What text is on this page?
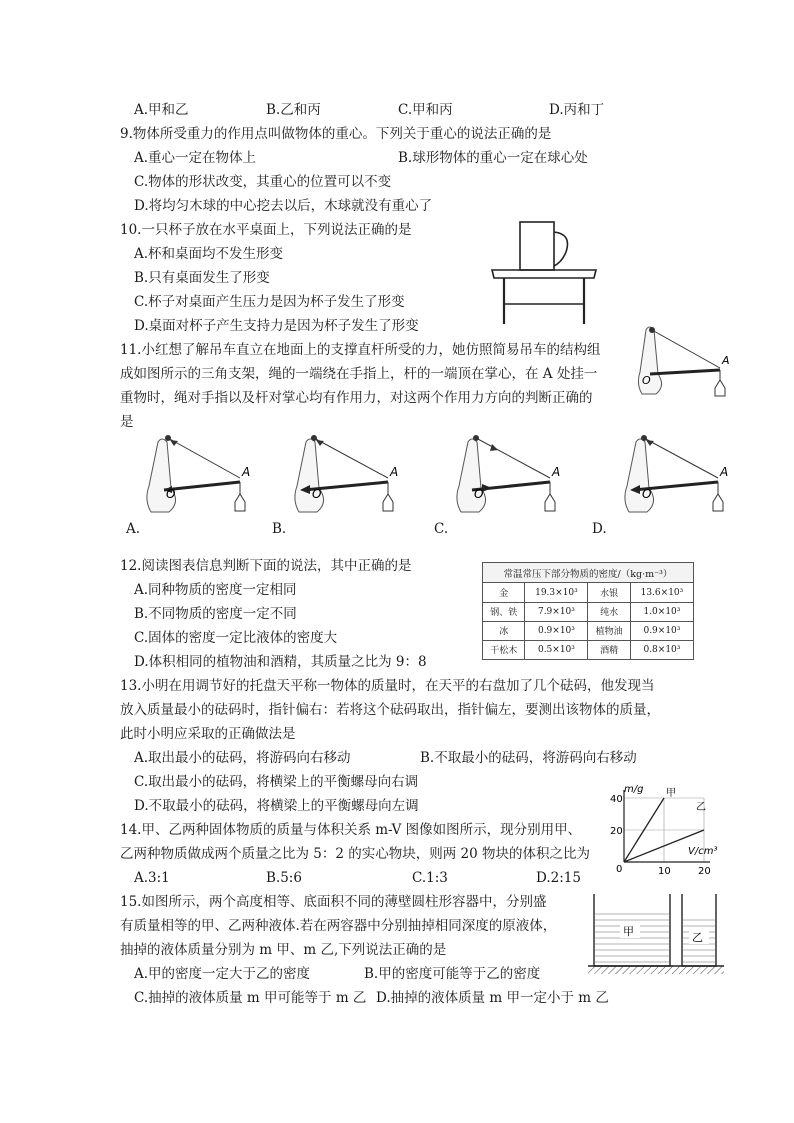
A.甲和乙	B.乙和丙	C.甲和丙	D.丙和丁
9.物体所受重力的作用点叫做物体的重心。下列关于重心的说法正确的是
A.重心一定在物体上	B.球形物体的重心一定在球心处
C.物体的形状改变，其重心的位置可以不变
D.将均匀木球的中心挖去以后，木球就没有重心了
10.一只杯子放在水平桌面上，下列说法正确的是
A.杯和桌面均不发生形变
B.只有桌面发生了形变
C.杯子对桌面产生压力是因为杯子发生了形变
D.桌面对杯子产生支持力是因为杯子发生了形变
11.小红想了解吊车直立在地面上的支撑直杆所受的力，她仿照简易吊车的结构组
成如图所示的三角支架，绳的一端绕在手指上，杆的一端顶在掌心，在 A 处挂一
重物时，绳对手指以及杆对掌心均有作用力，对这两个作用力方向的判断正确的
是
A
O
A
O
A
O
A
O
A
O
A.	B.	C.	D.
12.阅读图表信息判断下面的说法，其中正确的是
A.同种物质的密度一定相同
B.不同物质的密度一定不同
C.固体的密度一定比液体的密度大
D.体积相同的植物油和酒精，其质量之比为 9：8
常温常压下部分物质的密度/（kg·m⁻³）			
金	19.3×10³	水银	13.6×10³
钢、铁	7.9×10³	纯水	1.0×10³
冰	0.9×10³	植物油	0.9×10³
干松木	0.5×10³	酒精	0.8×10³
13.小明在用调节好的托盘天平称一物体的质量时，在天平的右盘加了几个砝码，他发现当
放入质量最小的砝码时，指针偏右：若将这个砝码取出，指针偏左，要测出该物体的质量，
此时小明应采取的正确做法是
A.取出最小的砝码，将游码向右移动	B.不取最小的砝码，将游码向右移动
C.取出最小的砝码，将横梁上的平衡螺母向右调
D.不取最小的砝码，将横梁上的平衡螺母向左调
m/g
V/cm³
0	10	20
20
40
甲
乙
14.甲、乙两种固体物质的质量与体积关系 m-V 图像如图所示，现分别用甲、
乙两种物质做成两个质量之比为 5：2 的实心物块，则两 20 物块的体积之比为
A.3:1	B.5:6	C.1:3	D.2:15
15.如图所示，两个高度相等、底面积不同的薄壁圆柱形容器中，分别盛
有质量相等的甲、乙两种液体.若在两容器中分别抽掉相同深度的原液体，
抽掉的液体质量分别为 m 甲、m 乙,下列说法正确的是
A.甲的密度一定大于乙的密度	B.甲的密度可能等于乙的密度
C.抽掉的液体质量 m 甲可能等于 m 乙 D.抽掉的液体质量 m 甲一定小于 m 乙
甲	乙
